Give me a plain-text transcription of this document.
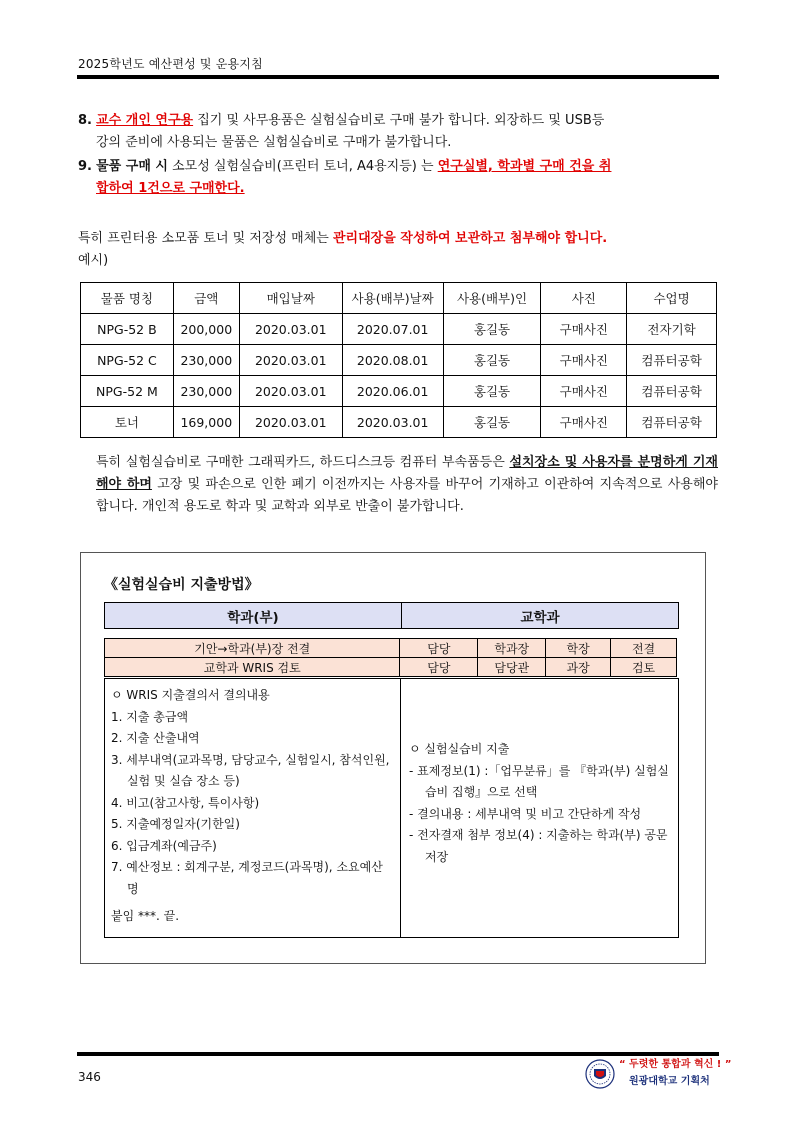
2025학년도 예산편성 및 운용지침
8. 교수 개인 연구용 집기 및 사무용품은 실험실습비로 구매 불가 합니다. 외장하드 및 USB등
강의 준비에 사용되는 물품은 실험실습비로 구매가 불가합니다.
9. 물품 구매 시 소모성 실험실습비(프린터 토너, A4용지등) 는 연구실별, 학과별 구매 건을 취
합하여 1건으로 구매한다.
특히 프린터용 소모품 토너 및 저장성 매체는 관리대장을 작성하여 보관하고 첨부해야 합니다.
예시)
물품 명칭	금액	매입날짜	사용(배부)날짜	사용(배부)인	사진	수업명
NPG-52 B	200,000	2020.03.01	2020.07.01	홍길동	구매사진	전자기학
NPG-52 C	230,000	2020.03.01	2020.08.01	홍길동	구매사진	컴퓨터공학
NPG-52 M	230,000	2020.03.01	2020.06.01	홍길동	구매사진	컴퓨터공학
토너	169,000	2020.03.01	2020.03.01	홍길동	구매사진	컴퓨터공학
특히 실험실습비로 구매한 그래픽카드, 하드디스크등 컴퓨터 부속품등은 설치장소 및 사용자를 분명하게 기재해야 하며 고장 및 파손으로 인한 폐기 이전까지는 사용자를 바꾸어 기재하고 이관하여 지속적으로 사용해야 합니다. 개인적 용도로 학과 및 교학과 외부로 반출이 불가합니다.
《실험실습비 지출방법》
학과(부)	교학과
기안→학과(부)장 전결	담당	학과장	학장	전결
교학과 WRIS 검토	담당	담당관	과장	검토
ㅇ WRIS 지출결의서 결의내용
1. 지출 총금액
2. 지출 산출내역
3. 세부내역(교과목명, 담당교수, 실험일시, 참석인원, 실험 및 실습 장소 등)
4. 비고(참고사항, 특이사항)
5. 지출예정일자(기한일)
6. 입금계좌(예금주)
7. 예산정보 : 회계구분, 계정코드(과목명), 소요예산명
붙임 ***. 끝.
ㅇ 실험실습비 지출
- 표제정보(1) :「업무분류」를 『학과(부) 실험실습비 집행』으로 선택
- 결의내용 : 세부내역 및 비고 간단하게 작성
- 전자결재 첨부 정보(4) : 지출하는 학과(부) 공문 저장
346
“ 두렷한 통합과 혁신 ! ”
원광대학교 기획처
